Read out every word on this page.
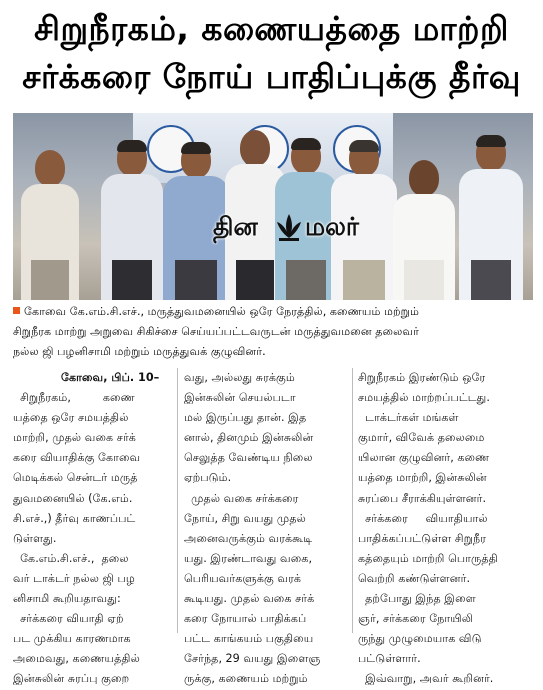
சிறுநீரகம், கணையத்தை மாற்றி
சர்க்கரை நோய் பாதிப்புக்கு தீர்வு
தின மலர்
கோவை கே.எம்.சி.எச்., மருத்துவமனையில் ஒரே நேரத்தில், கணையம் மற்றும்
சிறுநீரக மாற்று அறுவை சிகிச்சை செய்யப்பட்டவருடன் மருத்துவமனை தலைவர்
நல்ல ஜி பழனிசாமி மற்றும் மருத்துவக் குழுவினர்.

கோவை, பிப். 10–

சிறுநீரகம்,         கணை

யத்தை ஒரே சமயத்தில்

மாற்றி, முதல் வகை சர்க்

கரை வியாதிக்கு கோவை

மெடிக்கல் சென்டர் மருத்

துவமனையில் (கே.எம்.

சி.எச்.,) தீர்வு காணப்பட்

டுள்ளது.

கே.எம்.சி.எச்.,  தலை

வர் டாக்டர் நல்ல ஜி பழ

னிசாமி கூறியதாவது:

சர்க்கரை வியாதி ஏற்

பட முக்கிய காரணமாக

அமைவது, கணையத்தில்

இன்சுலின் சுரப்பு குறை

வது, அல்லது சுரக்கும்

இன்சுலின் செயல்படா

மல் இருப்பது தான். இத

னால், தினமும் இன்சுலின்

செலுத்த வேண்டிய நிலை

ஏற்படும்.

முதல் வகை சர்க்கரை

நோய், சிறு வயது முதல்

அனைவருக்கும் வரக்கூடி

யது. இரண்டாவது வகை,

பெரியவர்களுக்கு வரக்

கூடியது. முதல் வகை சர்க்

கரை நோயால் பாதிக்கப்

பட்ட காங்கயம் பகுதியை

சேர்ந்த, 29 வயது இளைஞ

ருக்கு, கணையம் மற்றும்

சிறுநீரகம் இரண்டும் ஒரே

சமயத்தில் மாற்றப்பட்டது.

டாக்டர்கள் மங்கள்

குமார், விவேக் தலைமை

யிலான குழுவினர், கணை

யத்தை மாற்றி, இன்சுலின்

சுரப்பை சீராக்கியுள்ளனர்.

சர்க்கரை     வியாதியால்

பாதிக்கப்பட்டுள்ள சிறுநீர

கத்தையும் மாற்றி பொருத்தி

வெற்றி கண்டுள்ளனர்.

தற்போது இந்த இளை

ஞர், சர்க்கரை நோயிலி

ருந்து முழுமையாக விடு

பட்டுள்ளார்.

இவ்வாறு, அவர் கூறினர்.
